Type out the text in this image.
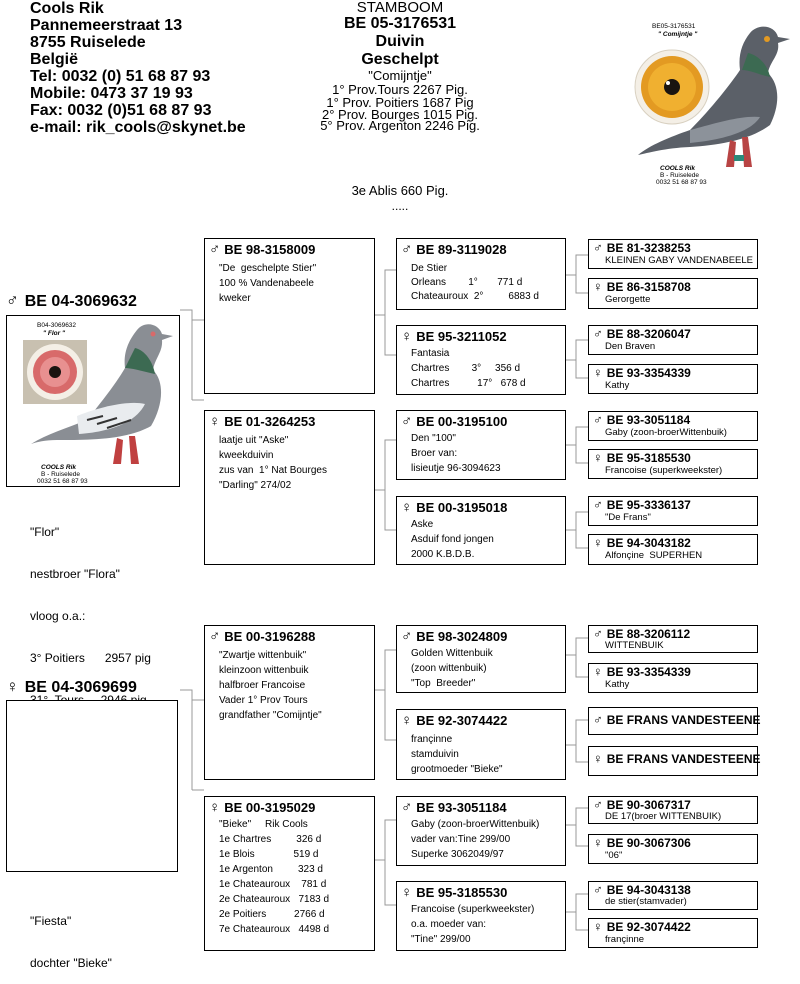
Cools Rik
Pannemeerstraat 13
8755 Ruiselede
België
Tel: 0032 (0) 51 68 87 93
Mobile: 0473 37 19 93
Fax: 0032 (0)51 68 87 93
e-mail: rik_cools@skynet.be
STAMBOOM
BE 05-3176531
Duivin
Geschelpt
"Comijntje"
1° Prov.Tours 2267 Pig.
1° Prov. Poitiers 1687 Pig
2° Prov. Bourges 1015 Pig.
5° Prov. Argenton 2246 Pig.
3e Ablis 660 Pig.
.....
BE05-3176531
" Comijntje "
COOLS Rik
B - Ruiselede
0032 51 68 87 93
♂ BE 04-3069632
B04-3069632
" Flor "
COOLS Rik
B - Ruiselede
0032 51 68 87 93

"Flor"

nestbroer "Flora"

vloog o.a.:

3° Poitiers      2957 pig

♀ BE 04-3069699

"Fiesta"

dochter "Bieke"

♂ BE 98-3158009
"De  geschelpte Stier"
100 % Vandenabeele
kweker
♀ BE 01-3264253
laatje uit "Aske"
kweekduivin
zus van  1° Nat Bourges
"Darling" 274/02
♂ BE 00-3196288
"Zwartje wittenbuik"
kleinzoon wittenbuik
halfbroer Francoise
Vader 1° Prov Tours
grandfather "Comijntje"
♀ BE 00-3195029
"Bieke"     Rik Cools
1e Chartres         326 d
1e Blois              519 d
1e Argenton         323 d
1e Chateauroux    781 d
2e Chateauroux   7183 d
2e Poitiers          2766 d
7e Chateauroux   4498 d
♂ BE 89-3119028
De Stier
Orleans        1°       771 d
Chateauroux  2°         6883 d
♀ BE 95-3211052
Fantasia
Chartres        3°     356 d
Chartres          17°   678 d
♂ BE 00-3195100
Den "100"
Broer van:
lisieutje 96-3094623
♀ BE 00-3195018
Aske
Asduif fond jongen
2000 K.B.D.B.
♂ BE 98-3024809
Golden Wittenbuik
(zoon wittenbuik)
"Top  Breeder"
♀ BE 92-3074422
françinne
stamduivin
grootmoeder "Bieke"
♂ BE 93-3051184
Gaby (zoon-broerWittenbuik)
vader van:Tine 299/00
Superke 3062049/97
♀ BE 95-3185530
Francoise (superkweekster)
o.a. moeder van:
"Tine" 299/00
♂ BE 81-3238253
KLEINEN GABY VANDENABEELE
♀ BE 86-3158708
Gerorgette
♂ BE 88-3206047
Den Braven
♀ BE 93-3354339
Kathy
♂ BE 93-3051184
Gaby (zoon-broerWittenbuik)
♀ BE 95-3185530
Francoise (superkweekster)
♂ BE 95-3336137
"De Frans"
♀ BE 94-3043182
Alfonçine  SUPERHEN
♂ BE 88-3206112
WITTENBUIK
♀ BE 93-3354339
Kathy
♂ BE FRANS VANDESTEENE
♀ BE FRANS VANDESTEENE
♂ BE 90-3067317
DE 17(broer WITTENBUIK)
♀ BE 90-3067306
"06"
♂ BE 94-3043138
de stier(stamvader)
♀ BE 92-3074422
françinne
